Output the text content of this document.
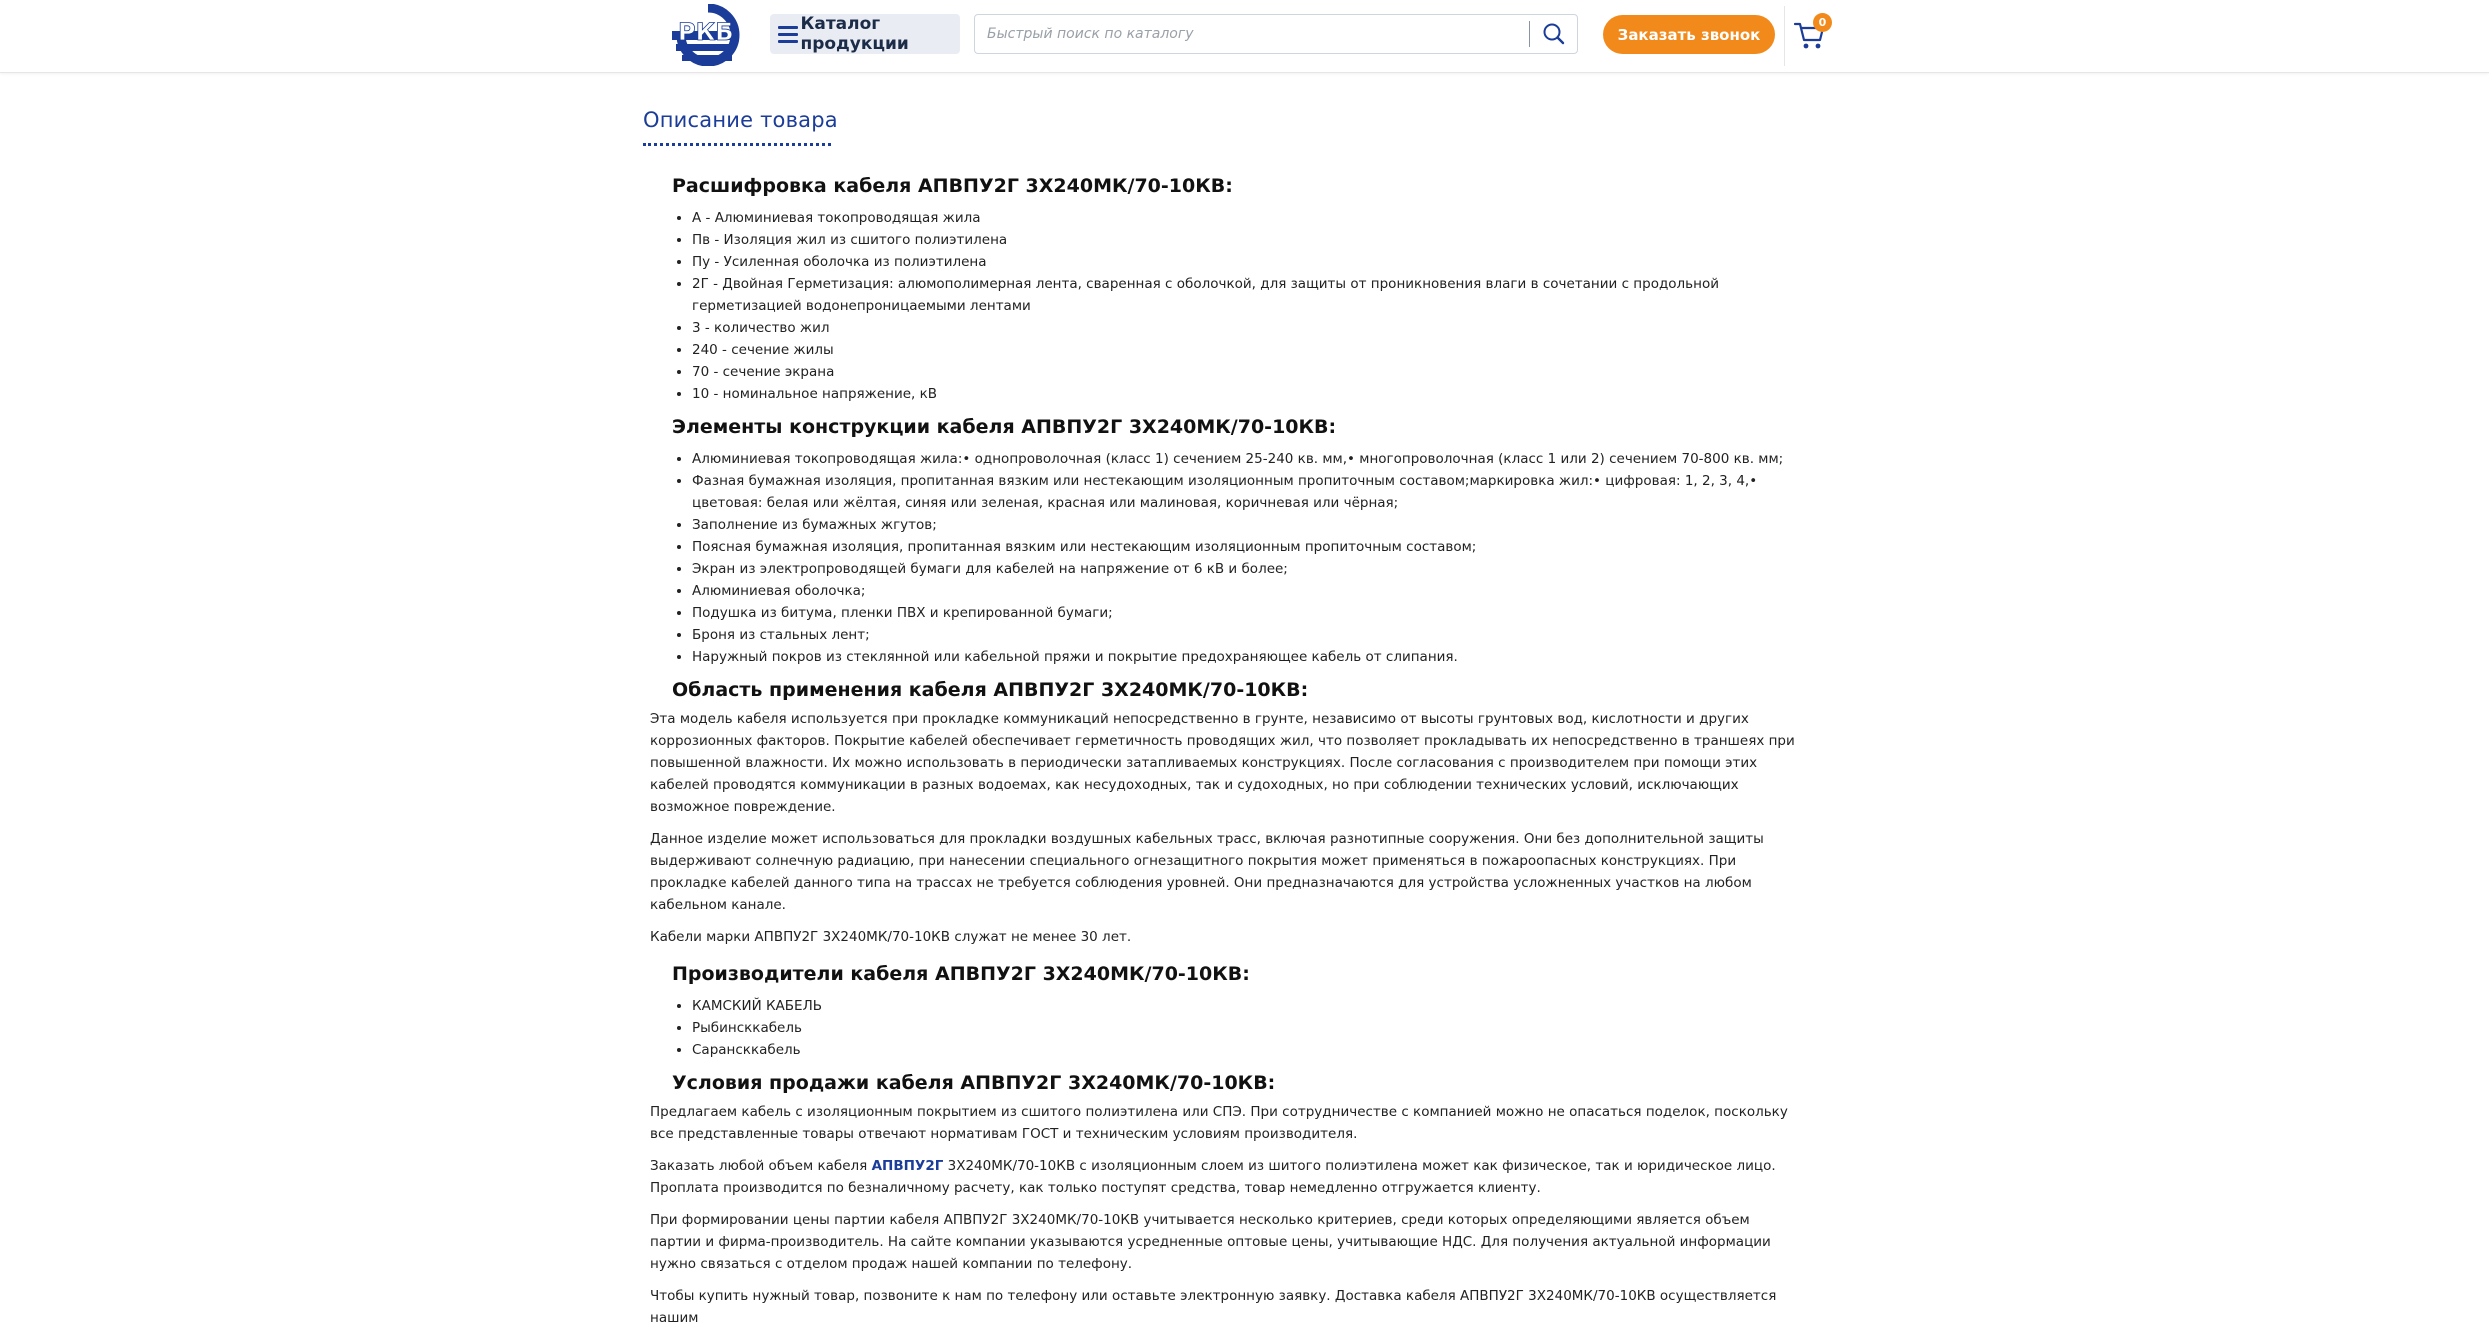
РКБ	Каталог продукции
Быстрый поиск по каталогу	Заказать звонок
0
Описание товара
Расшифровка кабеля АПВПУ2Г 3Х240МК/70-10КВ:
• А - Алюминиевая токопроводящая жила
• Пв - Изоляция жил из сшитого полиэтилена
• Пу - Усиленная оболочка из полиэтилена
• 2Г - Двойная Герметизация: алюмополимерная лента, сваренная с оболочкой, для защиты от проникновения влаги в сочетании с продольной герметизацией водонепроницаемыми лентами
• 3 - количество жил
• 240 - сечение жилы
• 70 - сечение экрана
• 10 - номинальное напряжение, кВ
Элементы конструкции кабеля АПВПУ2Г 3Х240МК/70-10КВ:
• Алюминиевая токопроводящая жила:• однопроволочная (класс 1) сечением 25-240 кв. мм,• многопроволочная (класс 1 или 2) сечением 70-800 кв. мм;
• Фазная бумажная изоляция, пропитанная вязким или нестекающим изоляционным пропиточным составом;маркировка жил:• цифровая: 1, 2, 3, 4,• цветовая: белая или жёлтая, синяя или зеленая, красная или малиновая, коричневая или чёрная;
• Заполнение из бумажных жгутов;
• Поясная бумажная изоляция, пропитанная вязким или нестекающим изоляционным пропиточным составом;
• Экран из электропроводящей бумаги для кабелей на напряжение от 6 кВ и более;
• Алюминиевая оболочка;
• Подушка из битума, пленки ПВХ и крепированной бумаги;
• Броня из стальных лент;
• Наружный покров из стеклянной или кабельной пряжи и покрытие предохраняющее кабель от слипания.
Область применения кабеля АПВПУ2Г 3Х240МК/70-10КВ:

Эта модель кабеля используется при прокладке коммуникаций непосредственно в грунте, независимо от высоты грунтовых вод, кислотности и других коррозионных факторов. Покрытие кабелей обеспечивает герметичность проводящих жил, что позволяет прокладывать их непосредственно в траншеях при повышенной влажности. Их можно использовать в периодически затапливаемых конструкциях. После согласования с производителем при помощи этих кабелей проводятся коммуникации в разных водоемах, как несудоходных, так и судоходных, но при соблюдении технических условий, исключающих возможное повреждение.

Данное изделие может использоваться для прокладки воздушных кабельных трасс, включая разнотипные сооружения. Они без дополнительной защиты выдерживают солнечную радиацию, при нанесении специального огнезащитного покрытия может применяться в пожароопасных конструкциях. При прокладке кабелей данного типа на трассах не требуется соблюдения уровней. Они предназначаются для устройства усложненных участков на любом кабельном канале.

Кабели марки АПВПУ2Г 3Х240МК/70-10КВ служат не менее 30 лет.

Производители кабеля АПВПУ2Г 3Х240МК/70-10КВ:
• КАМСКИЙ КАБЕЛЬ
• Рыбинсккабель
• Сарансккабель
Условия продажи кабеля АПВПУ2Г 3Х240МК/70-10КВ:

Предлагаем кабель с изоляционным покрытием из сшитого полиэтилена или СПЭ. При сотрудничестве с компанией можно не опасаться поделок, поскольку все представленные товары отвечают нормативам ГОСТ и техническим условиям производителя.

Заказать любой объем кабеля АПВПУ2Г 3Х240МК/70-10КВ с изоляционным слоем из шитого полиэтилена может как физическое, так и юридическое лицо. Проплата производится по безналичному расчету, как только поступят средства, товар немедленно отгружается клиенту.

При формировании цены партии кабеля АПВПУ2Г 3Х240МК/70-10КВ учитывается несколько критериев, среди которых определяющими является объем партии и фирма-производитель. На сайте компании указываются усредненные оптовые цены, учитывающие НДС. Для получения актуальной информации нужно связаться с отделом продаж нашей компании по телефону.

Чтобы купить нужный товар, позвоните к нам по телефону или оставьте электронную заявку. Доставка кабеля АПВПУ2Г 3Х240МК/70-10КВ осуществляется нашим
